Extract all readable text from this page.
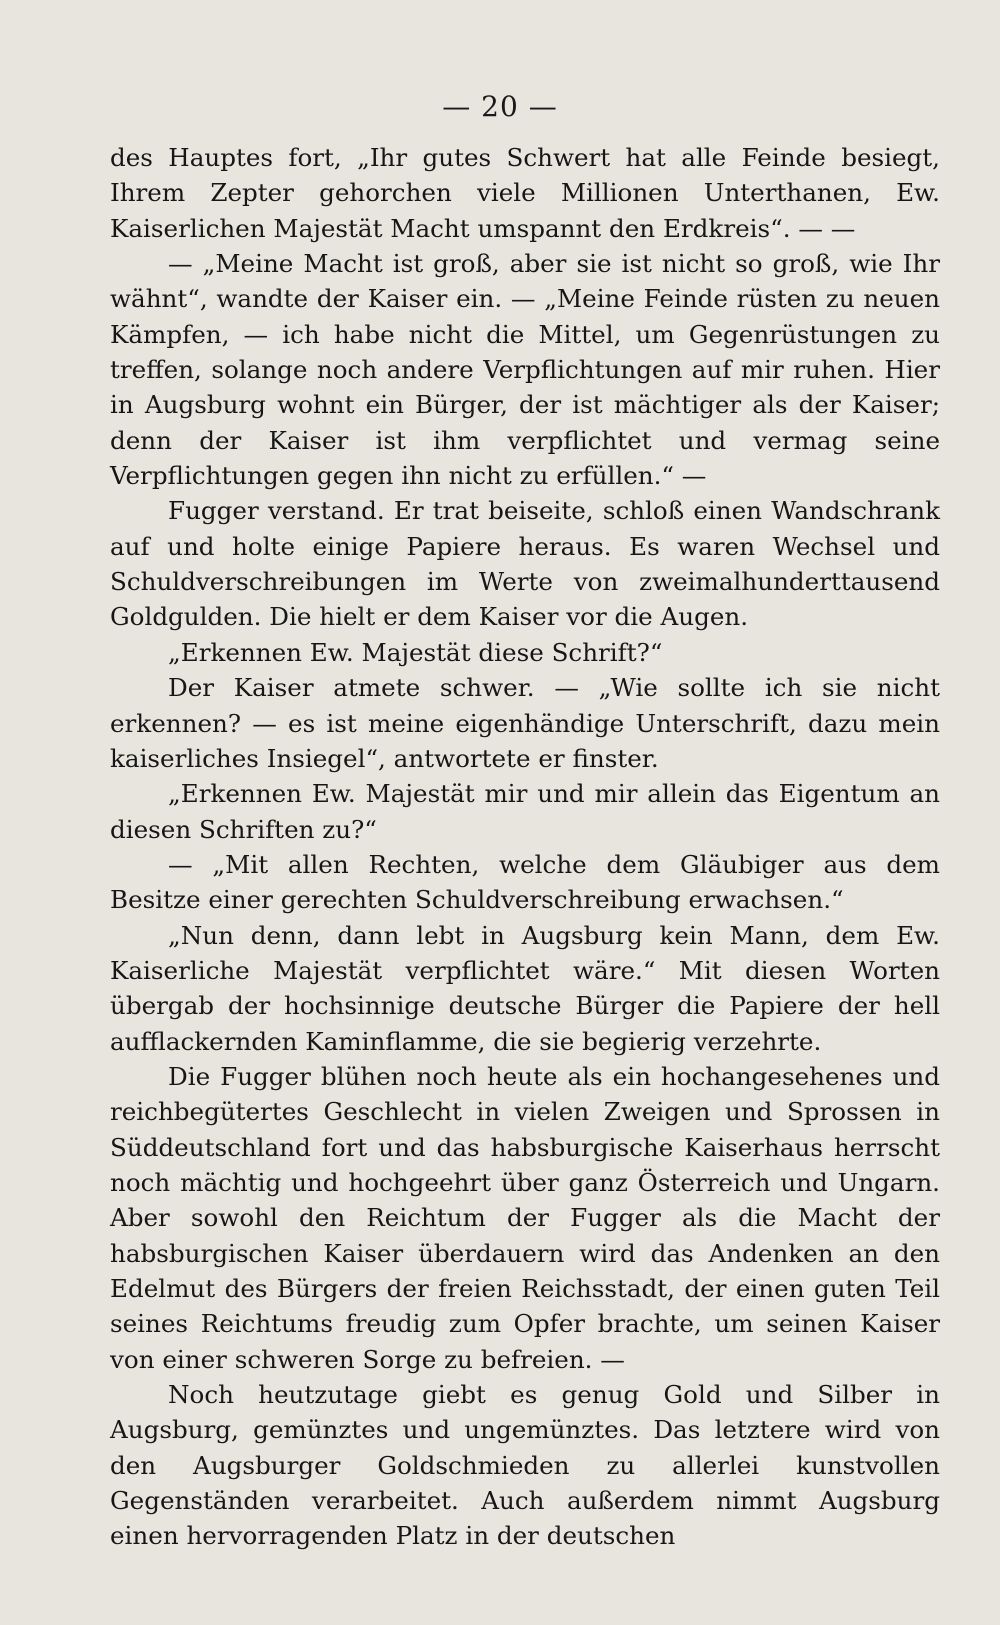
— 20 —

des Hauptes fort, „Ihr gutes Schwert hat alle Feinde besiegt, Ihrem Zepter gehorchen viele Millionen Unterthanen, Ew. Kaiserlichen Majestät Macht umspannt den Erdkreis“. — —

— „Meine Macht ist groß, aber sie ist nicht so groß, wie Ihr wähnt“, wandte der Kaiser ein. — „Meine Feinde rüsten zu neuen Kämpfen, — ich habe nicht die Mittel, um Gegenrüstungen zu treffen, solange noch andere Verpflichtungen auf mir ruhen. Hier in Augsburg wohnt ein Bürger, der ist mächtiger als der Kaiser; denn der Kaiser ist ihm verpflichtet und vermag seine Verpflichtungen gegen ihn nicht zu erfüllen.“ —

Fugger verstand. Er trat beiseite, schloß einen Wandschrank auf und holte einige Papiere heraus. Es waren Wechsel und Schuldverschreibungen im Werte von zweimalhunderttausend Goldgulden. Die hielt er dem Kaiser vor die Augen.

„Erkennen Ew. Majestät diese Schrift?“

Der Kaiser atmete schwer. — „Wie sollte ich sie nicht erkennen? — es ist meine eigenhändige Unterschrift, dazu mein kaiserliches Insiegel“, antwortete er finster.

„Erkennen Ew. Majestät mir und mir allein das Eigentum an diesen Schriften zu?“

— „Mit allen Rechten, welche dem Gläubiger aus dem Besitze einer gerechten Schuldverschreibung erwachsen.“

„Nun denn, dann lebt in Augsburg kein Mann, dem Ew. Kaiserliche Majestät verpflichtet wäre.“ Mit diesen Worten übergab der hochsinnige deutsche Bürger die Papiere der hell aufflackernden Kaminflamme, die sie begierig verzehrte.

Die Fugger blühen noch heute als ein hochangesehenes und reichbegütertes Geschlecht in vielen Zweigen und Sprossen in Süddeutschland fort und das habsburgische Kaiserhaus herrscht noch mächtig und hochgeehrt über ganz Österreich und Ungarn. Aber sowohl den Reichtum der Fugger als die Macht der habsburgischen Kaiser überdauern wird das Andenken an den Edelmut des Bürgers der freien Reichsstadt, der einen guten Teil seines Reichtums freudig zum Opfer brachte, um seinen Kaiser von einer schweren Sorge zu befreien. —

Noch heutzutage giebt es genug Gold und Silber in Augsburg, gemünztes und ungemünztes. Das letztere wird von den Augsburger Goldschmieden zu allerlei kunstvollen Gegenständen verarbeitet. Auch außerdem nimmt Augsburg einen hervorragenden Platz in der deutschen
